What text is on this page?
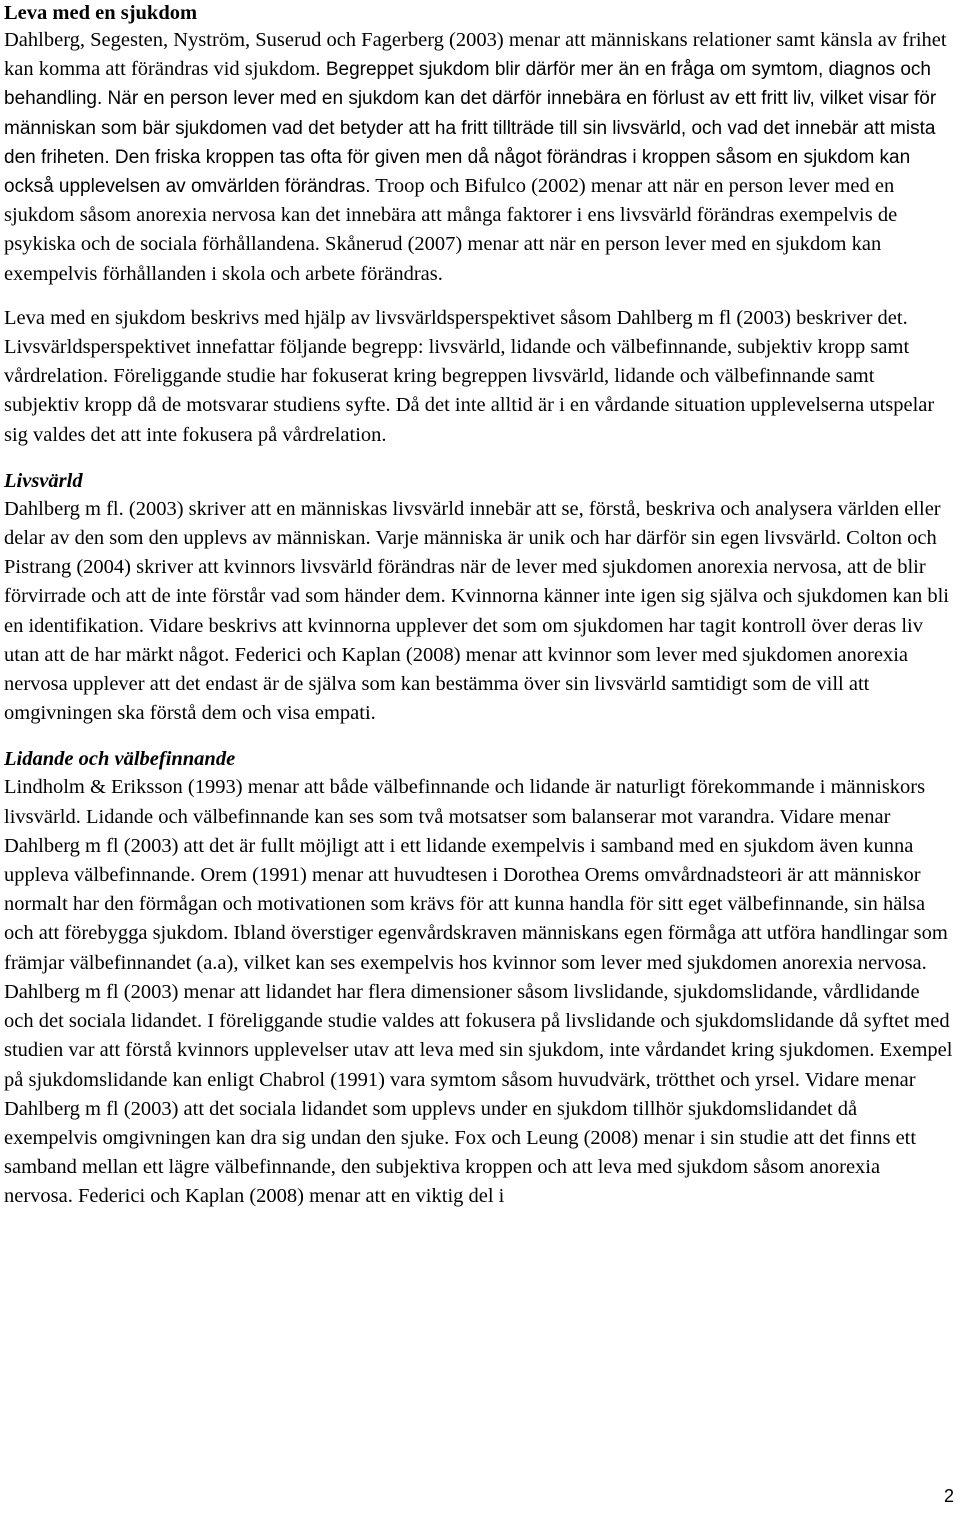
Leva med en sjukdom

Dahlberg, Segesten, Nyström, Suserud och Fagerberg (2003) menar att människans relationer samt känsla av frihet kan komma att förändras vid sjukdom. Begreppet sjukdom blir därför mer än en fråga om symtom, diagnos och behandling. När en person lever med en sjukdom kan det därför innebära en förlust av ett fritt liv, vilket visar för människan som bär sjukdomen vad det betyder att ha fritt tillträde till sin livsvärld, och vad det innebär att mista den friheten. Den friska kroppen tas ofta för given men då något förändras i kroppen såsom en sjukdom kan också upplevelsen av omvärlden förändras. Troop och Bifulco (2002) menar att när en person lever med en sjukdom såsom anorexia nervosa kan det innebära att många faktorer i ens livsvärld förändras exempelvis de psykiska och de sociala förhållandena. Skånerud (2007) menar att när en person lever med en sjukdom kan exempelvis förhållanden i skola och arbete förändras.

Leva med en sjukdom beskrivs med hjälp av livsvärldsperspektivet såsom Dahlberg m fl (2003) beskriver det. Livsvärldsperspektivet innefattar följande begrepp: livsvärld, lidande och välbefinnande, subjektiv kropp samt vårdrelation. Föreliggande studie har fokuserat kring begreppen livsvärld, lidande och välbefinnande samt subjektiv kropp då de motsvarar studiens syfte. Då det inte alltid är i en vårdande situation upplevelserna utspelar sig valdes det att inte fokusera på vårdrelation.

Livsvärld

Dahlberg m fl. (2003) skriver att en människas livsvärld innebär att se, förstå, beskriva och analysera världen eller delar av den som den upplevs av människan. Varje människa är unik och har därför sin egen livsvärld. Colton och Pistrang (2004) skriver att kvinnors livsvärld förändras när de lever med sjukdomen anorexia nervosa, att de blir förvirrade och att de inte förstår vad som händer dem. Kvinnorna känner inte igen sig själva och sjukdomen kan bli en identifikation. Vidare beskrivs att kvinnorna upplever det som om sjukdomen har tagit kontroll över deras liv utan att de har märkt något. Federici och Kaplan (2008) menar att kvinnor som lever med sjukdomen anorexia nervosa upplever att det endast är de själva som kan bestämma över sin livsvärld samtidigt som de vill att omgivningen ska förstå dem och visa empati.

Lidande och välbefinnande

Lindholm & Eriksson (1993) menar att både välbefinnande och lidande är naturligt förekommande i människors livsvärld. Lidande och välbefinnande kan ses som två motsatser som balanserar mot varandra. Vidare menar Dahlberg m fl (2003) att det är fullt möjligt att i ett lidande exempelvis i samband med en sjukdom även kunna uppleva välbefinnande. Orem (1991) menar att huvudtesen i Dorothea Orems omvårdnadsteori är att människor normalt har den förmågan och motivationen som krävs för att kunna handla för sitt eget välbefinnande, sin hälsa och att förebygga sjukdom. Ibland överstiger egenvårdskraven människans egen förmåga att utföra handlingar som främjar välbefinnandet (a.a), vilket kan ses exempelvis hos kvinnor som lever med sjukdomen anorexia nervosa. Dahlberg m fl (2003) menar att lidandet har flera dimensioner såsom livslidande, sjukdomslidande, vårdlidande och det sociala lidandet. I föreliggande studie valdes att fokusera på livslidande och sjukdomslidande då syftet med studien var att förstå kvinnors upplevelser utav att leva med sin sjukdom, inte vårdandet kring sjukdomen. Exempel på sjukdomslidande kan enligt Chabrol (1991) vara symtom såsom huvudvärk, trötthet och yrsel. Vidare menar Dahlberg m fl (2003) att det sociala lidandet som upplevs under en sjukdom tillhör sjukdomslidandet då exempelvis omgivningen kan dra sig undan den sjuke. Fox och Leung (2008) menar i sin studie att det finns ett samband mellan ett lägre välbefinnande, den subjektiva kroppen och att leva med sjukdom såsom anorexia nervosa. Federici och Kaplan (2008) menar att en viktig del i

2
